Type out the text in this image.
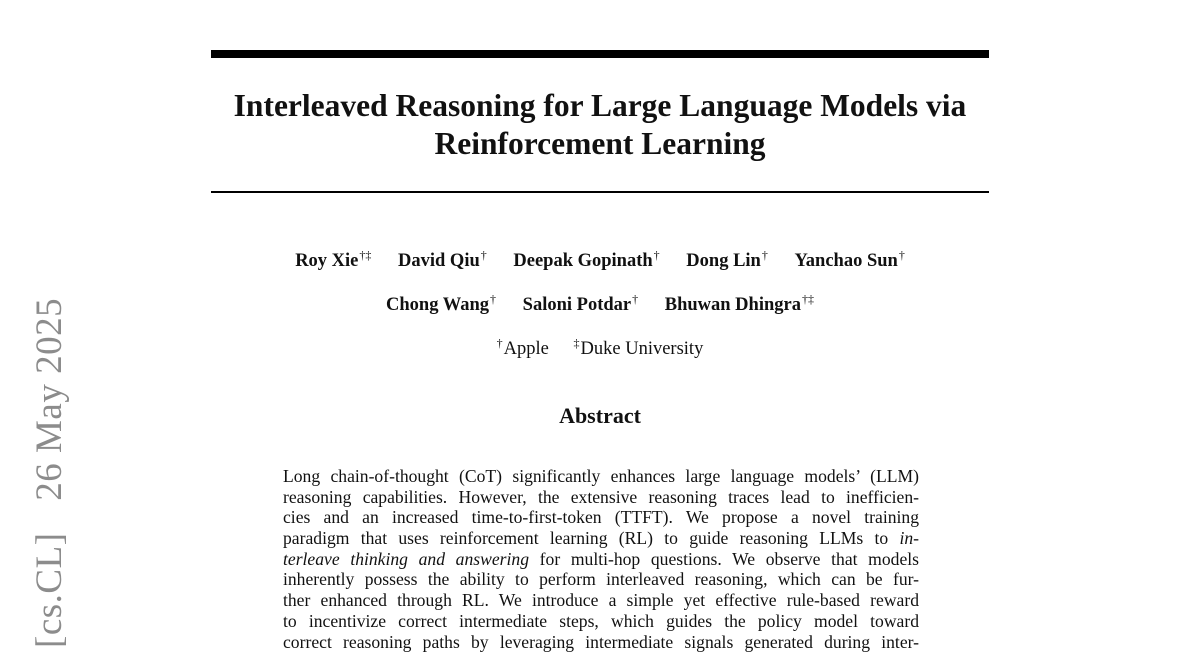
[cs.CL] 26 May 2025
Interleaved Reasoning for Large Language Models via
Reinforcement Learning
Roy Xie†‡ David Qiu† Deepak Gopinath† Dong Lin† Yanchao Sun†
Chong Wang† Saloni Potdar† Bhuwan Dhingra†‡
†Apple ‡Duke University
Abstract
Long chain-of-thought (CoT) significantly enhances large language models’ (LLM)
reasoning capabilities. However, the extensive reasoning traces lead to inefficien-
cies and an increased time-to-first-token (TTFT). We propose a novel training
paradigm that uses reinforcement learning (RL) to guide reasoning LLMs to in-
terleave thinking and answering for multi-hop questions. We observe that models
inherently possess the ability to perform interleaved reasoning, which can be fur-
ther enhanced through RL. We introduce a simple yet effective rule-based reward
to incentivize correct intermediate steps, which guides the policy model toward
correct reasoning paths by leveraging intermediate signals generated during inter-
